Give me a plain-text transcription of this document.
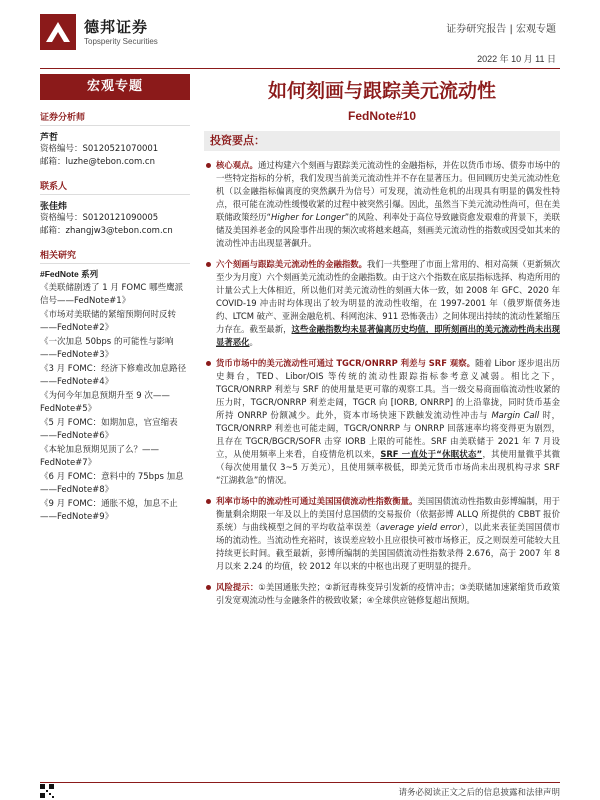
德邦证券
Topsperity Securities
证券研究报告 | 宏观专题
2022 年 10 月 11 日
宏观专题
证券分析师
芦哲
资格编号：S0120521070001
邮箱：luzhe@tebon.com.cn
联系人
张佳炜
资格编号：S0120121090005
邮箱：zhangjw3@tebon.com.cn
相关研究
#FedNote 系列
《美联储剧透了 1 月 FOMC 哪些鹰派信号——FedNote#1》
《市场对美联储的紧缩预期何时反转——FedNote#2》
《一次加息 50bps 的可能性与影响——FedNote#3》
《3 月 FOMC：经济下修难改加息路径——FedNote#4》
《为何今年加息预期升至 9 次——FedNote#5》
《5 月 FOMC：如期加息，官宣缩表——FedNote#6》
《本轮加息预期见顶了么？——FedNote#7》
《6 月 FOMC：意料中的 75bps 加息——FedNote#8》
《9 月 FOMC：通胀不熄，加息不止——FedNote#9》
如何刻画与跟踪美元流动性
FedNote#10
投资要点：
核心观点。通过构建六个刻画与跟踪美元流动性的金融指标，并佐以货币市场、债券市场中的一些特定指标的分析，我们发现当前美元流动性并不存在显著压力。但回顾历史美元流动性危机（以金融指标偏离度的突然飙升为信号）可发现，流动性危机的出现具有明显的偶发性特点，很可能在流动性缓慢收紧的过程中被突然引爆。因此，虽然当下美元流动性尚可，但在美联储政策经历“Higher for Longer”的风险、利率处于高位导致融资愈发艰难的背景下，美联储及美国养老金的风险事件出现的频次或将越来越高，刻画美元流动性的指数或因受如其来的流动性冲击出现显著飙升。
六个刻画与跟踪美元流动性的金融指数。我们一共整理了市面上常用的、相对高频（更新频次至少为月度）六个刻画美元流动性的金融指数。由于这六个指数在底层指标选择、构造所用的计量公式上大体相近，所以他们对美元流动性的刻画大体一致，如 2008 年 GFC、2020 年 COVID-19 冲击时均体现出了较为明显的流动性收缩，在 1997-2001 年（俄罗斯债务违约、LTCM 破产、亚洲金融危机、科网泡沫、911 恐怖袭击）之间体现出持续的流动性紧缩压力存在。截至最新，这些金融指数均未显著偏离历史均值，即所刻画出的美元流动性尚未出现显著恶化。
货币市场中的美元流动性可通过 TGCR/ONRRP 利差与 SRF 观察。随着 Libor 逐步退出历史舞台，TED、Libor/OIS 等传统的流动性跟踪指标参考意义减弱。相比之下，TGCR/ONRRP 利差与 SRF 的使用量是更可靠的观察工具。当一级交易商面临流动性收紧的压力时，TGCR/ONRRP 利差走阔，TGCR 向 [IORB, ONRRP] 的上沿靠拢，同时货币基金所持 ONRRP 份额减少。此外，资本市场快速下跌触发流动性冲击与 Margin Call 时，TGCR/ONRRP 利差也可能走阔，TGCR/ONRRP 与 ONRRP 回落速率均将变得更为剧烈，且存在 TGCR/BGCR/SOFR 击穿 IORB 上限的可能性。SRF 由美联储于 2021 年 7 月设立，从使用频率上来看，自疫情危机以来，SRF 一直处于“休眠状态”，其使用量微乎其微（每次使用量仅 3~5 万美元），且使用频率极低，即美元货币市场尚未出现机构寻求 SRF “江湖救急”的情况。
利率市场中的流动性可通过美国国债流动性指数衡量。美国国债流动性指数由彭博编制，用于衡量剩余期限一年及以上的美国付息国债的交易报价（依据彭博 ALLQ 所提供的 CBBT 报价系统）与曲线模型之间的平均收益率误差（average yield error），以此来表征美国国债市场的流动性。当流动性充裕时，该误差应较小且应很快可被市场修正，反之则误差可能较大且持续更长时间。截至最新，彭博所编制的美国国债流动性指数录得 2.676，高于 2007 年 8 月以来 2.24 的均值，较 2012 年以来的中枢也出现了更明显的提升。
风险提示：①美国通胀失控；②新冠毒株变异引发新的疫情冲击；③美联储加速紧缩货币政策引发宽观流动性与金融条件的极致收紧；④全球供应链修复超出预期。
请务必阅读正文之后的信息披露和法律声明
